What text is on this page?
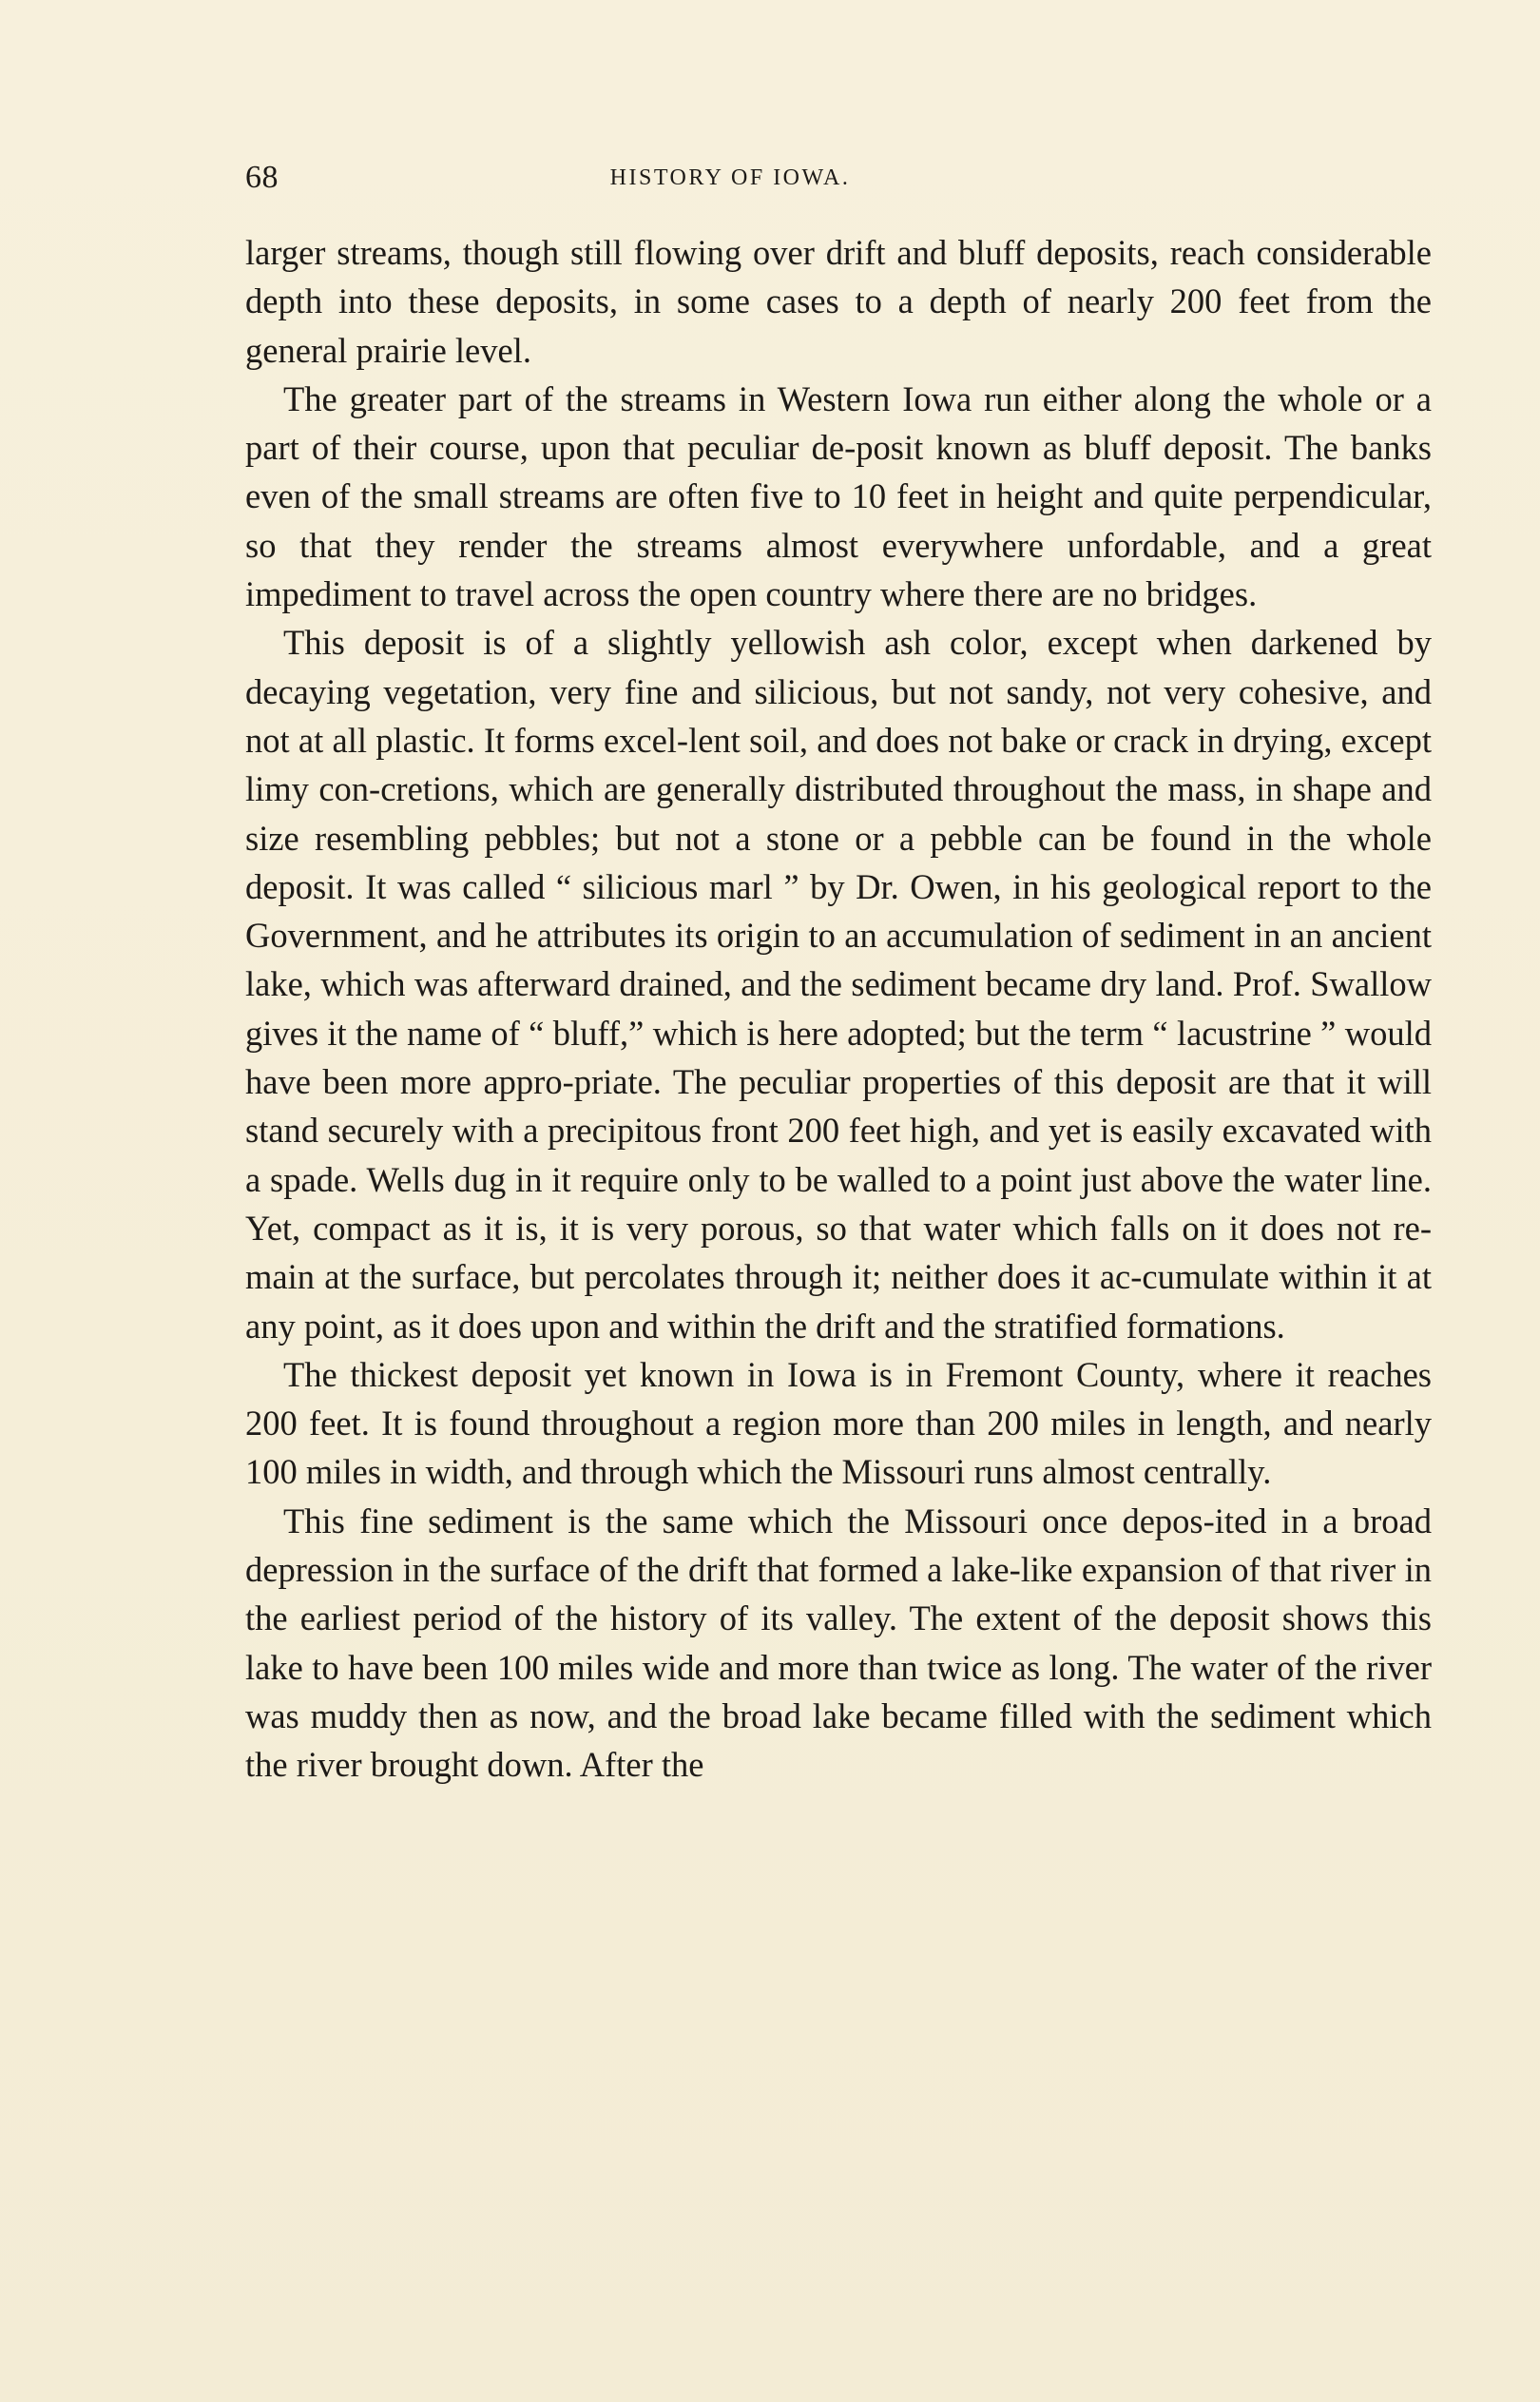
68	HISTORY OF IOWA.

larger streams, though still flowing over drift and bluff deposits, reach considerable depth into these deposits, in some cases to a depth of nearly 200 feet from the general prairie level.

The greater part of the streams in Western Iowa run either along the whole or a part of their course, upon that peculiar de-posit known as bluff deposit. The banks even of the small streams are often five to 10 feet in height and quite perpendicular, so that they render the streams almost everywhere unfordable, and a great impediment to travel across the open country where there are no bridges.

This deposit is of a slightly yellowish ash color, except when darkened by decaying vegetation, very fine and silicious, but not sandy, not very cohesive, and not at all plastic. It forms excel-lent soil, and does not bake or crack in drying, except limy con-cretions, which are generally distributed throughout the mass, in shape and size resembling pebbles; but not a stone or a pebble can be found in the whole deposit. It was called “ silicious marl ” by Dr. Owen, in his geological report to the Government, and he attributes its origin to an accumulation of sediment in an ancient lake, which was afterward drained, and the sediment became dry land. Prof. Swallow gives it the name of “ bluff,” which is here adopted; but the term “ lacustrine ” would have been more appro-priate. The peculiar properties of this deposit are that it will stand securely with a precipitous front 200 feet high, and yet is easily excavated with a spade. Wells dug in it require only to be walled to a point just above the water line. Yet, compact as it is, it is very porous, so that water which falls on it does not re-main at the surface, but percolates through it; neither does it ac-cumulate within it at any point, as it does upon and within the drift and the stratified formations.

The thickest deposit yet known in Iowa is in Fremont County, where it reaches 200 feet. It is found throughout a region more than 200 miles in length, and nearly 100 miles in width, and through which the Missouri runs almost centrally.

This fine sediment is the same which the Missouri once depos-ited in a broad depression in the surface of the drift that formed a lake-like expansion of that river in the earliest period of the history of its valley. The extent of the deposit shows this lake to have been 100 miles wide and more than twice as long. The water of the river was muddy then as now, and the broad lake became filled with the sediment which the river brought down. After the
